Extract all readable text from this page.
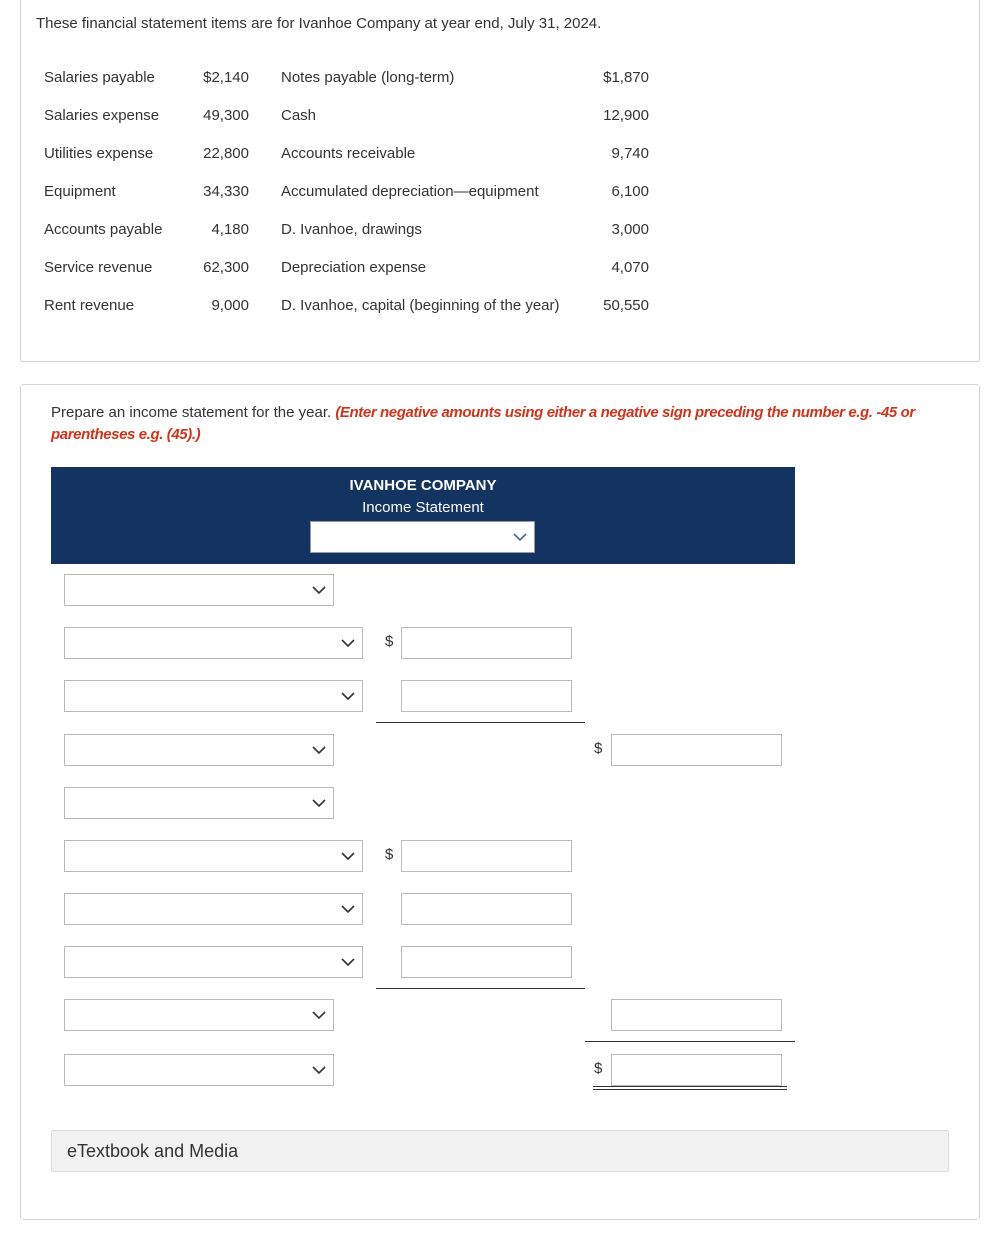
These financial statement items are for Ivanhoe Company at year end, July 31, 2024.
Salaries payable	$2,140	Notes payable (long-term)	$1,870
Salaries expense	49,300	Cash	12,900
Utilities expense	22,800	Accounts receivable	9,740
Equipment	34,330	Accumulated depreciation—equipment	6,100
Accounts payable	4,180	D. Ivanhoe, drawings	3,000
Service revenue	62,300	Depreciation expense	4,070
Rent revenue	9,000	D. Ivanhoe, capital (beginning of the year)	50,550
Prepare an income statement for the year. (Enter negative amounts using either a negative sign preceding the number e.g. -45 or parentheses e.g. (45).)
IVANHOE COMPANY
Income Statement
$
$
$
$
eTextbook and Media
